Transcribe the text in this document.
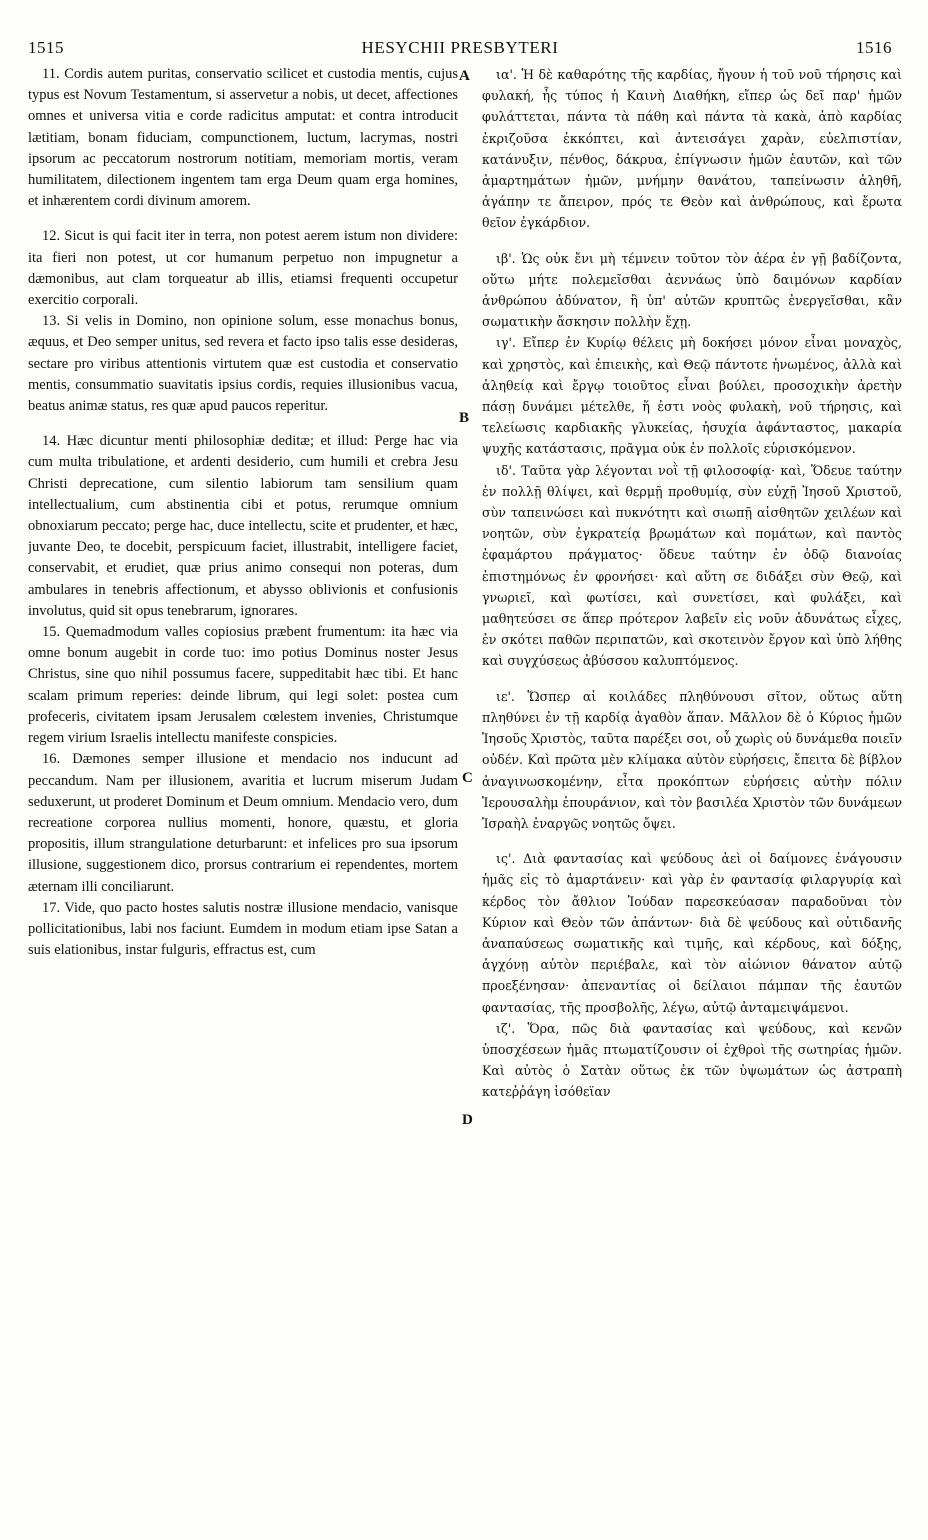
1515	HESYCHII PRESBYTERI	1516

11. Cordis autem puritas, conservatio scilicet et custodia mentis, cujus typus est Novum Testamentum, si asservetur a nobis, ut decet, affectiones omnes et universa vitia e corde radicitus amputat: et contra introducit lætitiam, bonam fiduciam, compunctionem, luctum, lacrymas, nostri ipsorum ac peccatorum nostrorum notitiam, memoriam mortis, veram humilitatem, dilectionem ingentem tam erga Deum quam erga homines, et inhærentem cordi divinum amorem.

12. Sicut is qui facit iter in terra, non potest aerem istum non dividere: ita fieri non potest, ut cor humanum perpetuo non impugnetur a dæmonibus, aut clam torqueatur ab illis, etiamsi frequenti occupetur exercitio corporali.

13. Si velis in Domino, non opinione solum, esse monachus bonus, æquus, et Deo semper unitus, sed revera et facto ipso talis esse desideras, sectare pro viribus attentionis virtutem quæ est custodia et conservatio mentis, consummatio suavitatis ipsius cordis, requies illusionibus vacua, beatus animæ status, res quæ apud paucos reperitur.

14. Hæc dicuntur menti philosophiæ deditæ; et illud: Perge hac via cum multa tribulatione, et ardenti desiderio, cum humili et crebra Jesu Christi deprecatione, cum silentio labiorum tam sensilium quam intellectualium, cum abstinentia cibi et potus, rerumque omnium obnoxiarum peccato; perge hac, duce intellectu, scite et prudenter, et hæc, juvante Deo, te docebit, perspicuum faciet, illustrabit, intelligere faciet, conservabit, et erudiet, quæ prius animo consequi non poteras, dum ambulares in tenebris affectionum, et abysso oblivionis et confusionis involutus, quid sit opus tenebrarum, ignorares.

15. Quemadmodum valles copiosius præbent frumentum: ita hæc via omne bonum augebit in corde tuo: imo potius Dominus noster Jesus Christus, sine quo nihil possumus facere, suppeditabit hæc tibi. Et hanc scalam primum reperies: deinde librum, qui legi solet: postea cum profeceris, civitatem ipsam Jerusalem cœlestem invenies, Christumque regem virium Israelis intellectu manifeste conspicies.

16. Dæmones semper illusione et mendacio nos inducunt ad peccandum. Nam per illusionem, avaritia et lucrum miserum Judam seduxerunt, ut proderet Dominum et Deum omnium. Mendacio vero, dum recreatione corporea nullius momenti, honore, quæstu, et gloria propositis, illum strangulatione deturbarunt: et infelices pro sua ipsorum illusione, suggestionem dico, prorsus contrarium ei rependentes, mortem æternam illi conciliarunt.

17. Vide, quo pacto hostes salutis nostræ illusione mendacio, vanisque pollicitationibus, labi nos faciunt. Eumdem in modum etiam ipse Satan a suis elationibus, instar fulguris, effractus est, cum

A
B
C
D

ια'. Ἡ δὲ καθαρότης τῆς καρδίας, ἤγουν ἡ τοῦ νοῦ τήρησις καὶ φυλακή, ἧς τύπος ἡ Καινὴ Διαθήκη, εἴπερ ὡς δεῖ παρ' ἡμῶν φυλάττεται, πάντα τὰ πάθη καὶ πάντα τὰ κακὰ, ἀπὸ καρδίας ἐκριζοῦσα ἐκκόπτει, καὶ ἀντεισάγει χαρὰν, εὐελπιστίαν, κατάνυξιν, πένθος, δάκρυα, ἐπίγνωσιν ἡμῶν ἑαυτῶν, καὶ τῶν ἁμαρτημάτων ἡμῶν, μνήμην θανάτου, ταπείνωσιν ἀληθῆ, ἀγάπην τε ἄπειρον, πρός τε Θεὸν καὶ ἀνθρώπους, καὶ ἔρωτα θεῖον ἐγκάρδιον.

ιβ'. Ὡς οὐκ ἔνι μὴ τέμνειν τοῦτον τὸν ἀέρα ἐν γῇ βαδίζοντα, οὕτω μήτε πολεμεῖσθαι ἀεννάως ὑπὸ δαιμόνων καρδίαν ἀνθρώπου ἀδύνατον, ἢ ὑπ' αὐτῶν κρυπτῶς ἐνεργεῖσθαι, κἂν σωματικὴν ἄσκησιν πολλὴν ἔχῃ.

ιγ'. Εἴπερ ἐν Κυρίῳ θέλεις μὴ δοκήσει μόνον εἶναι μοναχὸς, καὶ χρηστὸς, καὶ ἐπιεικὴς, καὶ Θεῷ πάντοτε ἡνωμένος, ἀλλὰ καὶ ἀληθείᾳ καὶ ἔργῳ τοιοῦτος εἶναι βούλει, προσοχικὴν ἀρετὴν πάσῃ δυνάμει μέτελθε, ἥ ἐστι νοὸς φυλακὴ, νοῦ τήρησις, καὶ τελείωσις καρδιακῆς γλυκείας, ἡσυχία ἀφάνταστος, μακαρία ψυχῆς κατάστασις, πρᾶγμα οὐκ ἐν πολλοῖς εὑρισκόμενον.

ιδ'. Ταῦτα γὰρ λέγονται νοῒ τῇ φιλοσοφίᾳ· καὶ, Ὅδευε ταύτην ἐν πολλῇ θλίψει, καὶ θερμῇ προθυμίᾳ, σὺν εὐχῇ Ἰησοῦ Χριστοῦ, σὺν ταπεινώσει καὶ πυκνότητι καὶ σιωπῇ αἰσθητῶν χειλέων καὶ νοητῶν, σὺν ἐγκρατείᾳ βρωμάτων καὶ πομάτων, καὶ παντὸς ἐφαμάρτου πράγματος· ὅδευε ταύτην ἐν ὁδῷ διανοίας ἐπιστημόνως ἐν φρονήσει· καὶ αὕτη σε διδάξει σὺν Θεῷ, καὶ γνωριεῖ, καὶ φωτίσει, καὶ συνετίσει, καὶ φυλάξει, καὶ μαθητεύσει σε ἅπερ πρότερον λαβεῖν εἰς νοῦν ἀδυνάτως εἶχες, ἐν σκότει παθῶν περιπατῶν, καὶ σκοτεινὸν ἔργον καὶ ὑπὸ λήθης καὶ συγχύσεως ἀβύσσου καλυπτόμενος.

ιε'. Ὥσπερ αἱ κοιλάδες πληθύνουσι σῖτον, οὕτως αὕτη πληθύνει ἐν τῇ καρδίᾳ ἀγαθὸν ἅπαν. Μᾶλλον δὲ ὁ Κύριος ἡμῶν Ἰησοῦς Χριστὸς, ταῦτα παρέξει σοι, οὗ χωρὶς οὐ δυνάμεθα ποιεῖν οὐδέν. Καὶ πρῶτα μὲν κλίμακα αὐτὸν εὑρήσεις, ἔπειτα δὲ βίβλον ἀναγινωσκομένην, εἶτα προκόπτων εὑρήσεις αὐτὴν πόλιν Ἱερουσαλὴμ ἐπουράνιον, καὶ τὸν βασιλέα Χριστὸν τῶν δυνάμεων Ἰσραὴλ ἐναργῶς νοητῶς ὄψει.

ις'. Διὰ φαντασίας καὶ ψεύδους ἀεὶ οἱ δαίμονες ἐνάγουσιν ἡμᾶς εἰς τὸ ἁμαρτάνειν· καὶ γὰρ ἐν φαντασίᾳ φιλαργυρίᾳ καὶ κέρδος τὸν ἄθλιον Ἰούδαν παρεσκεύασαν παραδοῦναι τὸν Κύριον καὶ Θεὸν τῶν ἁπάντων· διὰ δὲ ψεύδους καὶ οὐτιδανῆς ἀναπαύσεως σωματικῆς καὶ τιμῆς, καὶ κέρδους, καὶ δόξης, ἀγχόνῃ αὐτὸν περιέβαλε, καὶ τὸν αἰώνιον θάνατον αὐτῷ προεξένησαν· ἀπεναντίας οἱ δείλαιοι πάμπαν τῆς ἑαυτῶν φαντασίας, τῆς προσβολῆς, λέγω, αὐτῷ ἀνταμειψάμενοι.

ιζ'. Ὅρα, πῶς διὰ φαντασίας καὶ ψεύδους, καὶ κενῶν ὑποσχέσεων ἡμᾶς πτωματίζουσιν οἱ ἐχθροὶ τῆς σωτηρίας ἡμῶν. Καὶ αὐτὸς ὁ Σατὰν οὕτως ἐκ τῶν ὑψωμάτων ὡς ἀστραπὴ κατεῤῥάγη ἰσόθεϊαν
